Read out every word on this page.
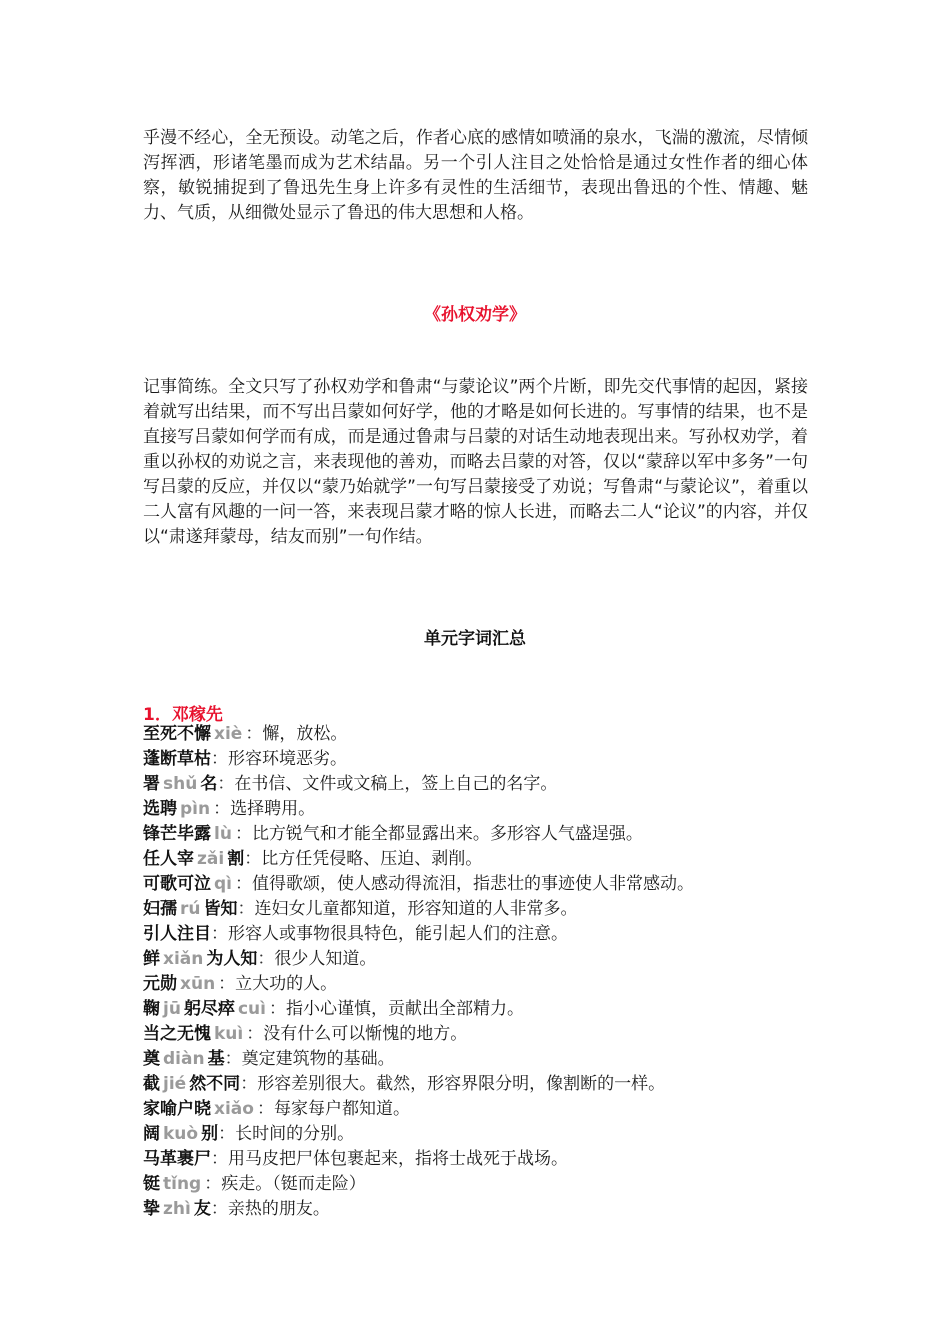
乎漫不经心，全无预设。动笔之后，作者心底的感情如喷涌的泉水，飞湍的激流，尽情倾泻挥洒，形诸笔墨而成为艺术结晶。另一个引人注目之处恰恰是通过女性作者的细心体察，敏锐捕捉到了鲁迅先生身上许多有灵性的生活细节，表现出鲁迅的个性、情趣、魅力、气质，从细微处显示了鲁迅的伟大思想和人格。

《孙权劝学》

记事简练。全文只写了孙权劝学和鲁肃“与蒙论议”两个片断，即先交代事情的起因，紧接着就写出结果，而不写出吕蒙如何好学，他的才略是如何长进的。写事情的结果，也不是直接写吕蒙如何学而有成，而是通过鲁肃与吕蒙的对话生动地表现出来。写孙权劝学，着重以孙权的劝说之言，来表现他的善劝，而略去吕蒙的对答，仅以“蒙辞以军中多务”一句写吕蒙的反应，并仅以“蒙乃始就学”一句写吕蒙接受了劝说；写鲁肃“与蒙论议”，着重以二人富有风趣的一问一答，来表现吕蒙才略的惊人长进，而略去二人“论议”的内容，并仅以“肃遂拜蒙母，结友而别”一句作结。

单元字词汇总

1．邓稼先

至死不懈 xiè ：懈，放松。
蓬断草枯：形容环境恶劣。
署 shǔ 名：在书信、文件或文稿上，签上自己的名字。
选聘 pìn ：选择聘用。
锋芒毕露 lù ：比方锐气和才能全都显露出来。多形容人气盛逞强。
任人宰 zǎi 割：比方任凭侵略、压迫、剥削。
可歌可泣 qì ：值得歌颂，使人感动得流泪，指悲壮的事迹使人非常感动。
妇孺 rú 皆知：连妇女儿童都知道，形容知道的人非常多。
引人注目：形容人或事物很具特色，能引起人们的注意。
鲜 xiǎn 为人知：很少人知道。
元勋 xūn ：立大功的人。
鞠 jū 躬尽瘁 cuì ：指小心谨慎，贡献出全部精力。
当之无愧 kuì ：没有什么可以惭愧的地方。
奠 diàn 基：奠定建筑物的基础。
截 jié 然不同：形容差别很大。截然，形容界限分明，像割断的一样。
家喻户晓 xiǎo ：每家每户都知道。
阔 kuò 别：长时间的分别。
马革裹尸：用马皮把尸体包裹起来，指将士战死于战场。
铤 tǐng ：疾走。（铤而走险）
挚 zhì 友：亲热的朋友。
